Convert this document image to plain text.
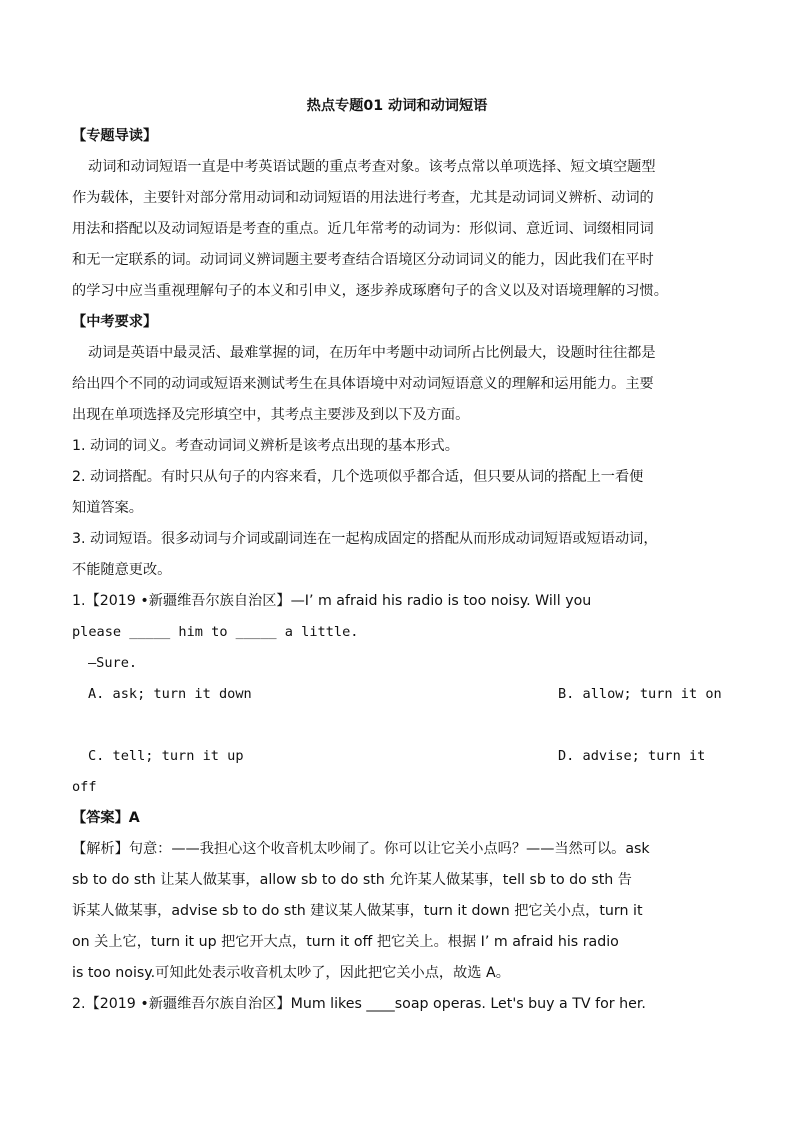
热点专题01 动词和动词短语
【专题导读】
动词和动词短语一直是中考英语试题的重点考查对象。该考点常以单项选择、短文填空题型
作为载体，主要针对部分常用动词和动词短语的用法进行考查，尤其是动词词义辨析、动词的
用法和搭配以及动词短语是考查的重点。近几年常考的动词为：形似词、意近词、词缀相同词
和无一定联系的词。动词词义辨词题主要考查结合语境区分动词词义的能力，因此我们在平时
的学习中应当重视理解句子的本义和引申义，逐步养成琢磨句子的含义以及对语境理解的习惯。
【中考要求】
动词是英语中最灵活、最难掌握的词，在历年中考题中动词所占比例最大，设题时往往都是
给出四个不同的动词或短语来测试考生在具体语境中对动词短语意义的理解和运用能力。主要
出现在单项选择及完形填空中，其考点主要涉及到以下及方面。
1. 动词的词义。考查动词词义辨析是该考点出现的基本形式。
2. 动词搭配。有时只从句子的内容来看，几个选项似乎都合适，但只要从词的搭配上一看便
知道答案。
3. 动词短语。很多动词与介词或副词连在一起构成固定的搭配从而形成动词短语或短语动词，
不能随意更改。
1.【2019 •新疆维吾尔族自治区】—I’ m afraid his radio is too noisy. Will you
please _____ him to _____ a little.
—Sure.
A. ask; turn it down	B. allow; turn it on
C. tell; turn it up	D. advise; turn it
off
【答案】A
【解析】句意：——我担心这个收音机太吵闹了。你可以让它关小点吗？——当然可以。ask
sb to do sth 让某人做某事，allow sb to do sth 允许某人做某事，tell sb to do sth 告
诉某人做某事，advise sb to do sth 建议某人做某事，turn it down 把它关小点，turn it
on 关上它，turn it up 把它开大点，turn it off 把它关上。根据 I’ m afraid his radio
is too noisy.可知此处表示收音机太吵了，因此把它关小点，故选 A。
2.【2019 •新疆维吾尔族自治区】Mum likes ____soap operas. Let's buy a TV for her.
